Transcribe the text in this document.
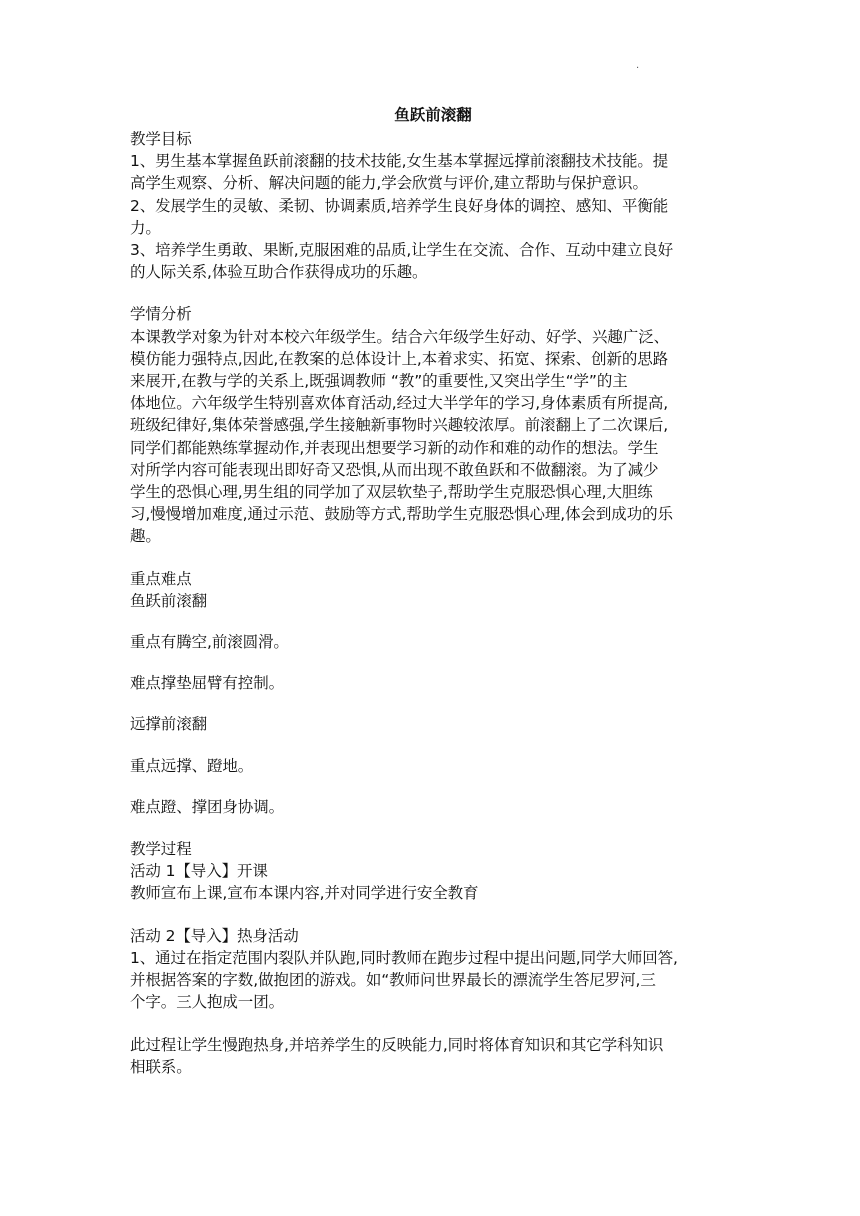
.
鱼跃前滚翻
教学目标
1、男生基本掌握鱼跃前滚翻的技术技能,女生基本掌握远撑前滚翻技术技能。提
高学生观察、分析、解决问题的能力,学会欣赏与评价,建立帮助与保护意识。
2、发展学生的灵敏、柔韧、协调素质,培养学生良好身体的调控、感知、平衡能
力。
3、培养学生勇敢、果断,克服困难的品质,让学生在交流、合作、互动中建立良好
的人际关系,体验互助合作获得成功的乐趣。
学情分析
本课教学对象为针对本校六年级学生。结合六年级学生好动、好学、兴趣广泛、
模仿能力强特点,因此,在教案的总体设计上,本着求实、拓宽、探索、创新的思路
来展开,在教与学的关系上,既强调教师 “教”的重要性,又突出学生“学”的主
体地位。六年级学生特别喜欢体育活动,经过大半学年的学习,身体素质有所提高,
班级纪律好,集体荣誉感强,学生接触新事物时兴趣较浓厚。前滚翻上了二次课后,
同学们都能熟练掌握动作,并表现出想要学习新的动作和难的动作的想法。学生
对所学内容可能表现出即好奇又恐惧,从而出现不敢鱼跃和不做翻滚。为了减少
学生的恐惧心理,男生组的同学加了双层软垫子,帮助学生克服恐惧心理,大胆练
习,慢慢增加难度,通过示范、鼓励等方式,帮助学生克服恐惧心理,体会到成功的乐
趣。
重点难点
鱼跃前滚翻
重点有腾空,前滚圆滑。
难点撑垫屈臂有控制。
远撑前滚翻
重点远撑、蹬地。
难点蹬、撑团身协调。
教学过程
活动 1【导入】开课
教师宣布上课,宣布本课内容,并对同学进行安全教育
活动 2【导入】热身活动
1、通过在指定范围内裂队并队跑,同时教师在跑步过程中提出问题,同学大师回答,
并根据答案的字数,做抱团的游戏。如“教师问世界最长的漂流学生答尼罗河,三
个字。三人抱成一团。
此过程让学生慢跑热身,并培养学生的反映能力,同时将体育知识和其它学科知识
相联系。
